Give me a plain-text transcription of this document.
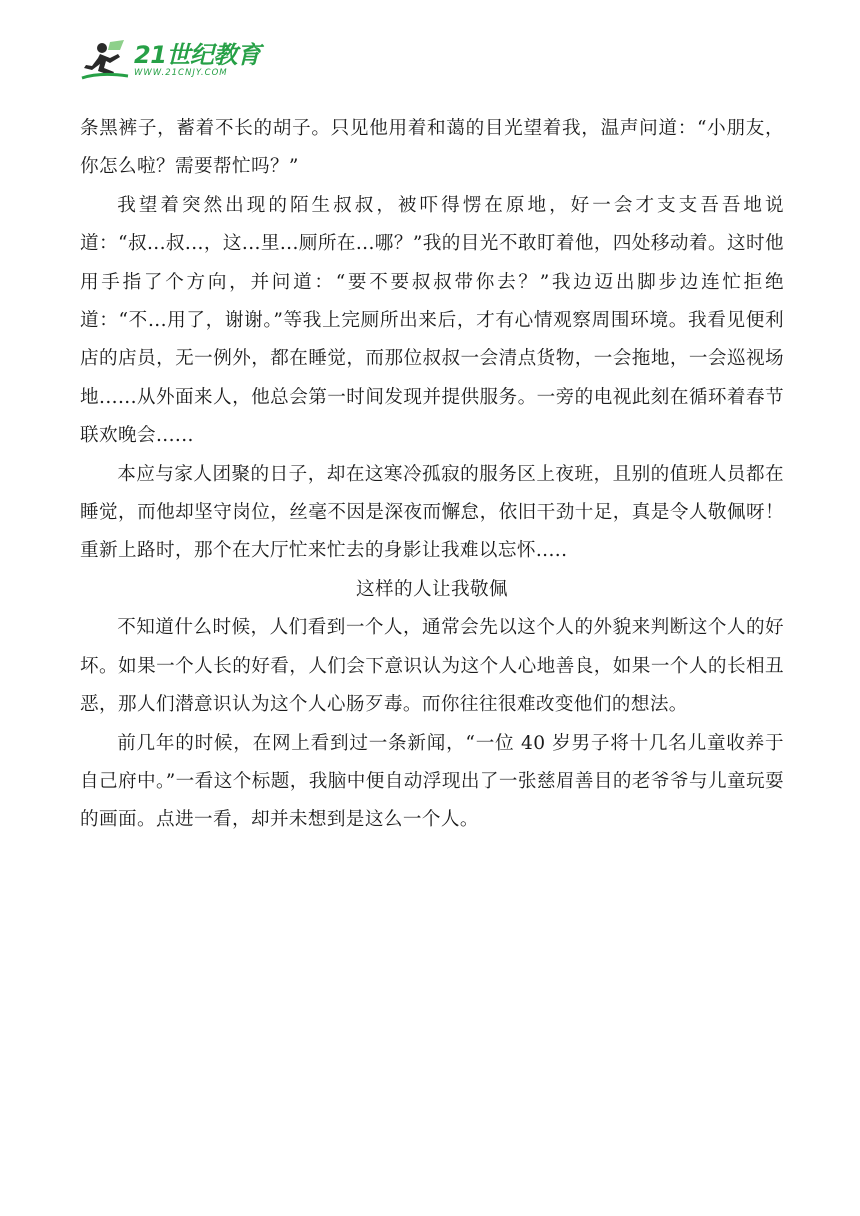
21世纪教育
WWW.21CNJY.COM

条黑裤子，蓄着不长的胡子。只见他用着和蔼的目光望着我，温声问道：“小朋友，你怎么啦？需要帮忙吗？”

我望着突然出现的陌生叔叔，被吓得愣在原地，好一会才支支吾吾地说道：“叔...叔...，这...里...厕所在...哪？”我的目光不敢盯着他，四处移动着。这时他用手指了个方向，并问道：“要不要叔叔带你去？”我边迈出脚步边连忙拒绝道：“不...用了，谢谢。”等我上完厕所出来后，才有心情观察周围环境。我看见便利店的店员，无一例外，都在睡觉，而那位叔叔一会清点货物，一会拖地，一会巡视场地......从外面来人，他总会第一时间发现并提供服务。一旁的电视此刻在循环着春节联欢晚会......

本应与家人团聚的日子，却在这寒冷孤寂的服务区上夜班，且别的值班人员都在睡觉，而他却坚守岗位，丝毫不因是深夜而懈怠，依旧干劲十足，真是令人敬佩呀！重新上路时，那个在大厅忙来忙去的身影让我难以忘怀.....

这样的人让我敬佩

不知道什么时候，人们看到一个人，通常会先以这个人的外貌来判断这个人的好坏。如果一个人长的好看，人们会下意识认为这个人心地善良，如果一个人的长相丑恶，那人们潜意识认为这个人心肠歹毒。而你往往很难改变他们的想法。

前几年的时候，在网上看到过一条新闻，“一位 40 岁男子将十几名儿童收养于自己府中。”一看这个标题，我脑中便自动浮现出了一张慈眉善目的老爷爷与儿童玩耍的画面。点进一看，却并未想到是这么一个人。
